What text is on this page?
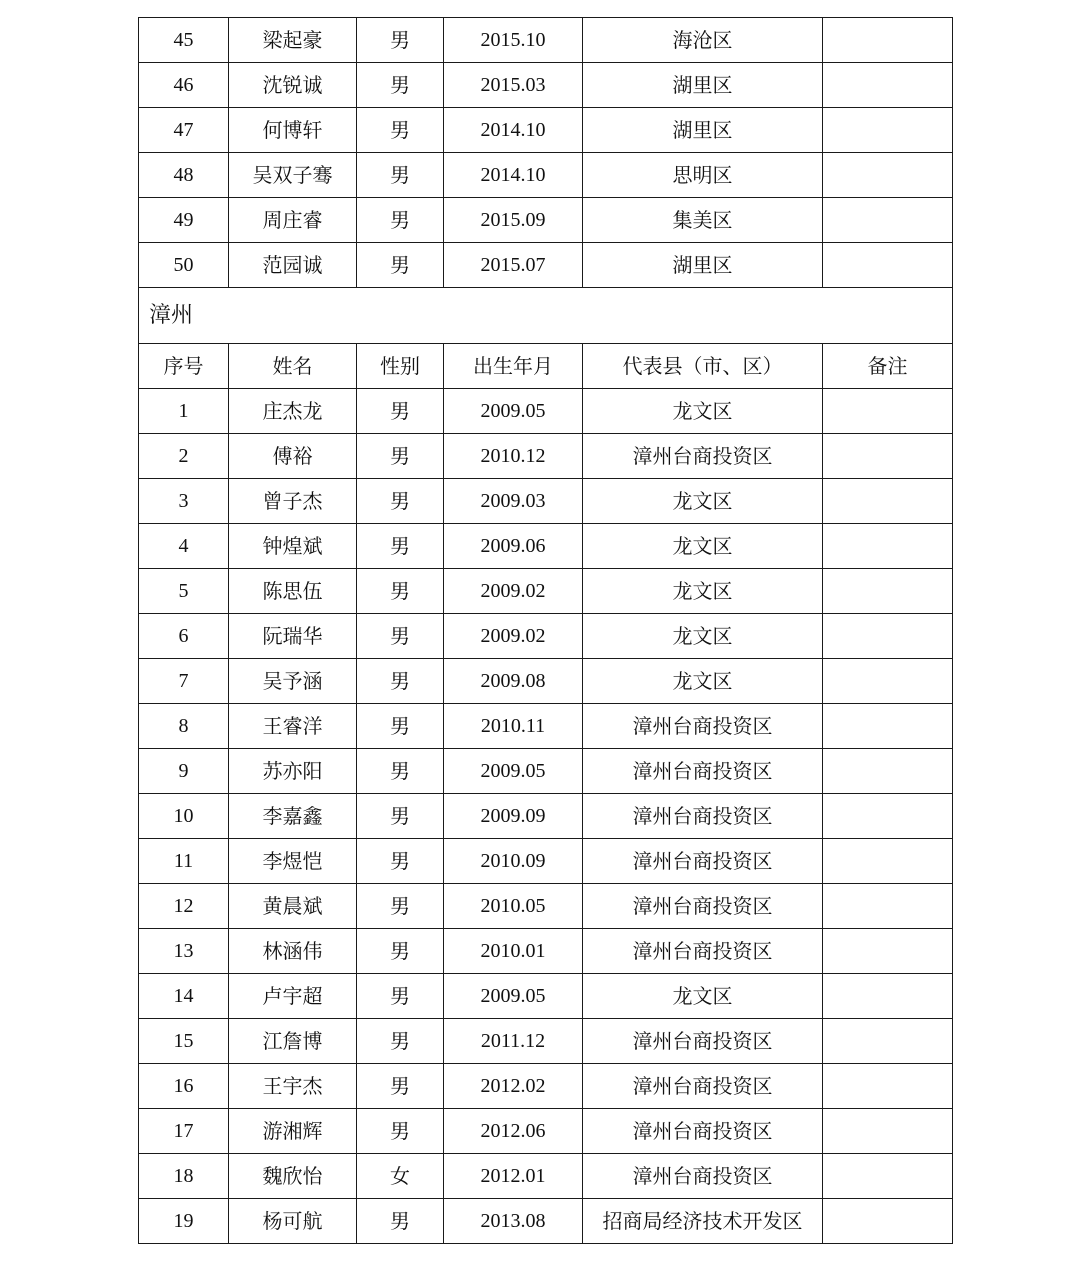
45	梁起豪	男	2015.10	海沧区	
46	沈锐诚	男	2015.03	湖里区	
47	何博轩	男	2014.10	湖里区	
48	吴双子骞	男	2014.10	思明区	
49	周庄睿	男	2015.09	集美区	
50	范园诚	男	2015.07	湖里区	
漳州					
序号	姓名	性别	出生年月	代表县（市、区）	备注
1	庄杰龙	男	2009.05	龙文区	
2	傅裕	男	2010.12	漳州台商投资区	
3	曾子杰	男	2009.03	龙文区	
4	钟煌斌	男	2009.06	龙文区	
5	陈思伍	男	2009.02	龙文区	
6	阮瑞华	男	2009.02	龙文区	
7	吴予涵	男	2009.08	龙文区	
8	王睿洋	男	2010.11	漳州台商投资区	
9	苏亦阳	男	2009.05	漳州台商投资区	
10	李嘉鑫	男	2009.09	漳州台商投资区	
11	李煜恺	男	2010.09	漳州台商投资区	
12	黄晨斌	男	2010.05	漳州台商投资区	
13	林涵伟	男	2010.01	漳州台商投资区	
14	卢宇超	男	2009.05	龙文区	
15	江詹博	男	2011.12	漳州台商投资区	
16	王宇杰	男	2012.02	漳州台商投资区	
17	游湘辉	男	2012.06	漳州台商投资区	
18	魏欣怡	女	2012.01	漳州台商投资区	
19	杨可航	男	2013.08	招商局经济技术开发区	
